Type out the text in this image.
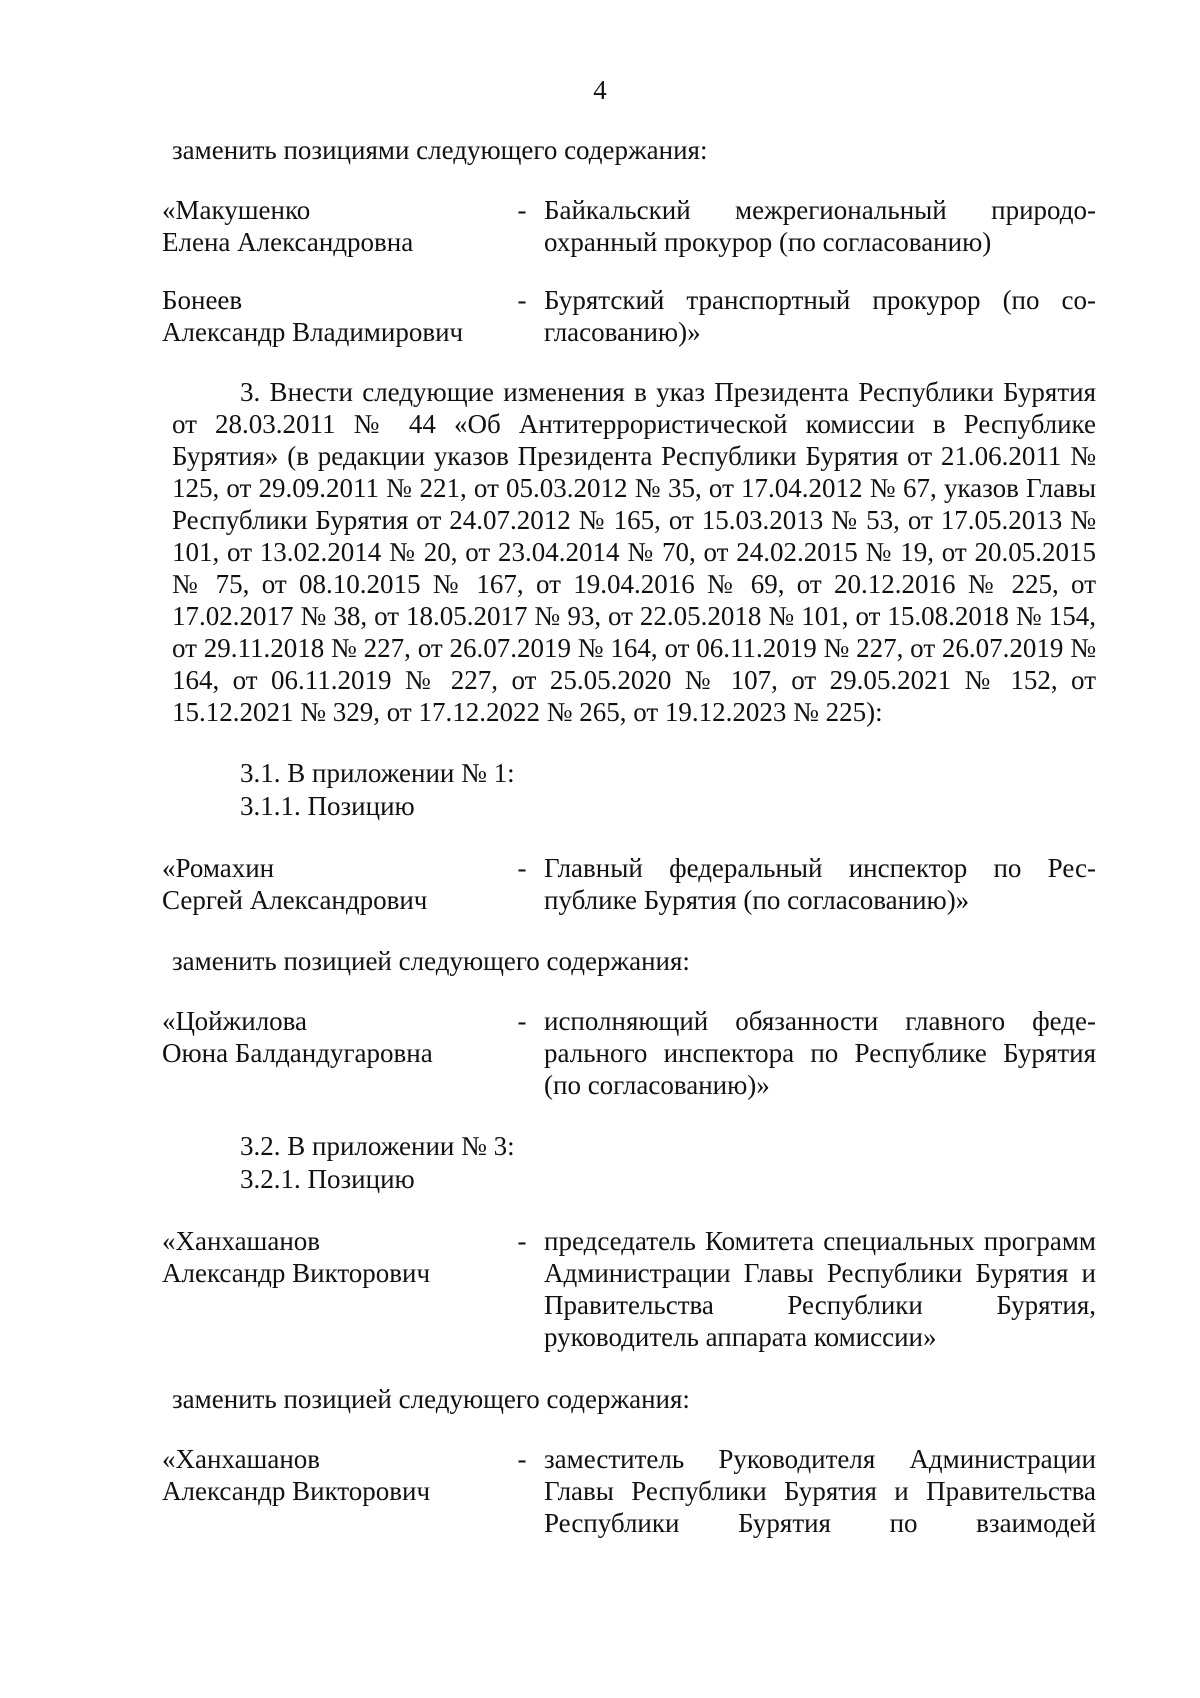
4
заменить позициями следующего содержания:
«Макушенко
Елена Александровна
- Байкальский межрегиональный природоохранный прокурор (по согласованию)
Бонеев
Александр Владимирович
- Бурятский транспортный прокурор (по согласованию)»
3. Внести следующие изменения в указ Президента Республики Бурятия от 28.03.2011 № 44 «Об Антитеррористической комиссии в Республике Бурятия» (в редакции указов Президента Республики Бурятия от 21.06.2011 № 125, от 29.09.2011 № 221, от 05.03.2012 № 35, от 17.04.2012 № 67, указов Главы Республики Бурятия от 24.07.2012 № 165, от 15.03.2013 № 53, от 17.05.2013 № 101, от 13.02.2014 № 20, от 23.04.2014 № 70, от 24.02.2015 № 19, от 20.05.2015 № 75, от 08.10.2015 № 167, от 19.04.2016 № 69, от 20.12.2016 № 225, от 17.02.2017 № 38, от 18.05.2017 № 93, от 22.05.2018 № 101, от 15.08.2018 № 154, от 29.11.2018 № 227, от 26.07.2019 № 164, от 06.11.2019 № 227, от 26.07.2019 № 164, от 06.11.2019 № 227, от 25.05.2020 № 107, от 29.05.2021 № 152, от 15.12.2021 № 329, от 17.12.2022 № 265, от 19.12.2023 № 225):
3.1. В приложении № 1:
3.1.1. Позицию
«Ромахин
Сергей Александрович
- Главный федеральный инспектор по Республике Бурятия (по согласованию)»
заменить позицией следующего содержания:
«Цойжилова
Оюна Балдандугаровна
- исполняющий обязанности главного федерального инспектора по Республике Бурятия (по согласованию)»
3.2. В приложении № 3:
3.2.1. Позицию
«Ханхашанов
Александр Викторович
- председатель Комитета специальных программ Администрации Главы Республики Бурятия и Правительства Республики Бурятия, руководитель аппарата комиссии»
заменить позицией следующего содержания:
«Ханхашанов
Александр Викторович
- заместитель Руководителя Администрации Главы Республики Бурятия и Правительства Республики Бурятия по взаимодей
